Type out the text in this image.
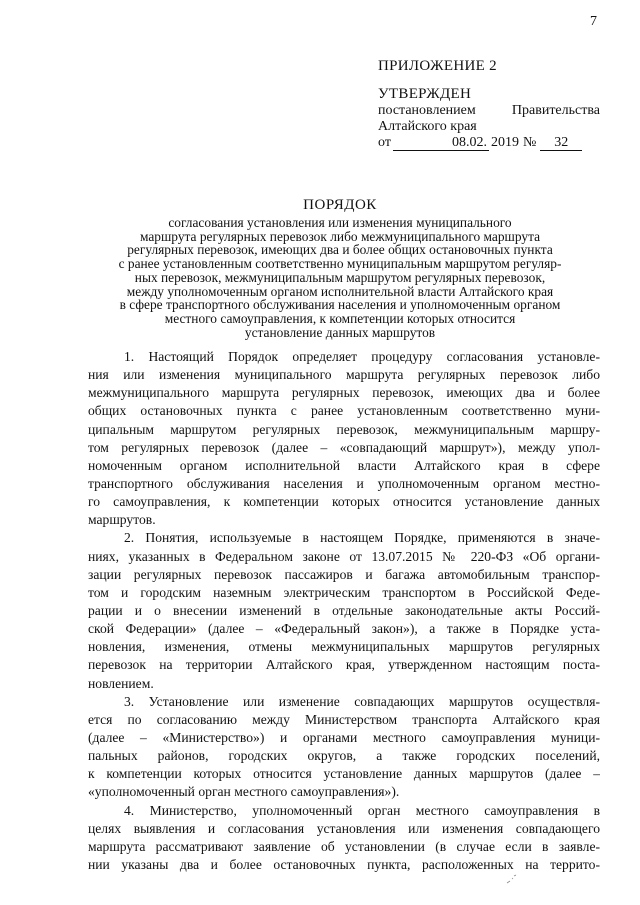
7
ПРИЛОЖЕНИЕ 2
УТВЕРЖДЕН
постановлением	Правительства
Алтайского края
от	08.02. 2019 №	32
ПОРЯДОК
согласования установления или изменения муниципального
маршрута регулярных перевозок либо межмуниципального маршрута
регулярных перевозок, имеющих два и более общих остановочных пункта
с ранее установленным соответственно муниципальным маршрутом регуляр-
ных перевозок, межмуниципальным маршрутом регулярных перевозок,
между уполномоченным органом исполнительной власти Алтайского края
в сфере транспортного обслуживания населения и уполномоченным органом
местного самоуправления, к компетенции которых относится
установление данных маршрутов
1. Настоящий Порядок определяет процедуру согласования установле-
ния или изменения муниципального маршрута регулярных перевозок либо
межмуниципального маршрута регулярных перевозок, имеющих два и более
общих остановочных пункта с ранее установленным соответственно муни-
ципальным маршрутом регулярных перевозок, межмуниципальным маршру-
том регулярных перевозок (далее – «совпадающий маршрут»), между упол-
номоченным органом исполнительной власти Алтайского края в сфере
транспортного обслуживания населения и уполномоченным органом местно-
го самоуправления, к компетенции которых относится установление данных
маршрутов.
2. Понятия, используемые в настоящем Порядке, применяются в значе-
ниях, указанных в Федеральном законе от 13.07.2015 № 220-ФЗ «Об органи-
зации регулярных перевозок пассажиров и багажа автомобильным транспор-
том и городским наземным электрическим транспортом в Российской Феде-
рации и о внесении изменений в отдельные законодательные акты Россий-
ской Федерации» (далее – «Федеральный закон»), а также в Порядке уста-
новления, изменения, отмены межмуниципальных маршрутов регулярных
перевозок на территории Алтайского края, утвержденном настоящим поста-
новлением.
3. Установление или изменение совпадающих маршрутов осуществля-
ется по согласованию между Министерством транспорта Алтайского края
(далее – «Министерство») и органами местного самоуправления муници-
пальных районов, городских округов, а также городских поселений,
к компетенции которых относится установление данных маршрутов (далее –
«уполномоченный орган местного самоуправления»).
4. Министерство, уполномоченный орган местного самоуправления в
целях выявления и согласования установления или изменения совпадающего
маршрута рассматривают заявление об установлении (в случае если в заявле-
нии указаны два и более остановочных пункта, расположенных на террито-
